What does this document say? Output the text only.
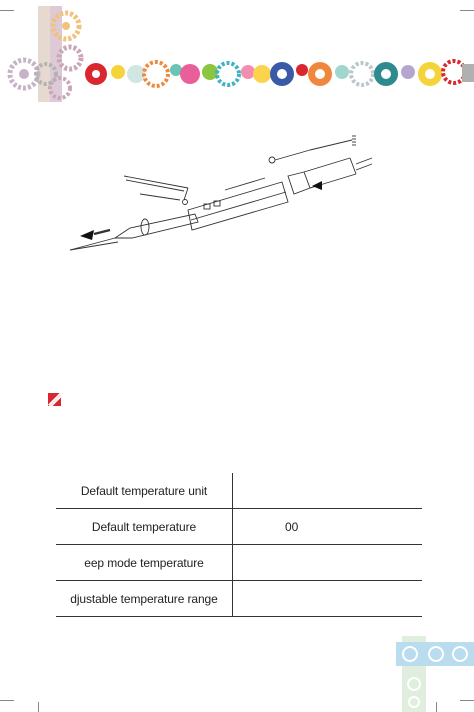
Default temperature unit	
Default temperature	00
eep mode temperature	
djustable temperature range	
